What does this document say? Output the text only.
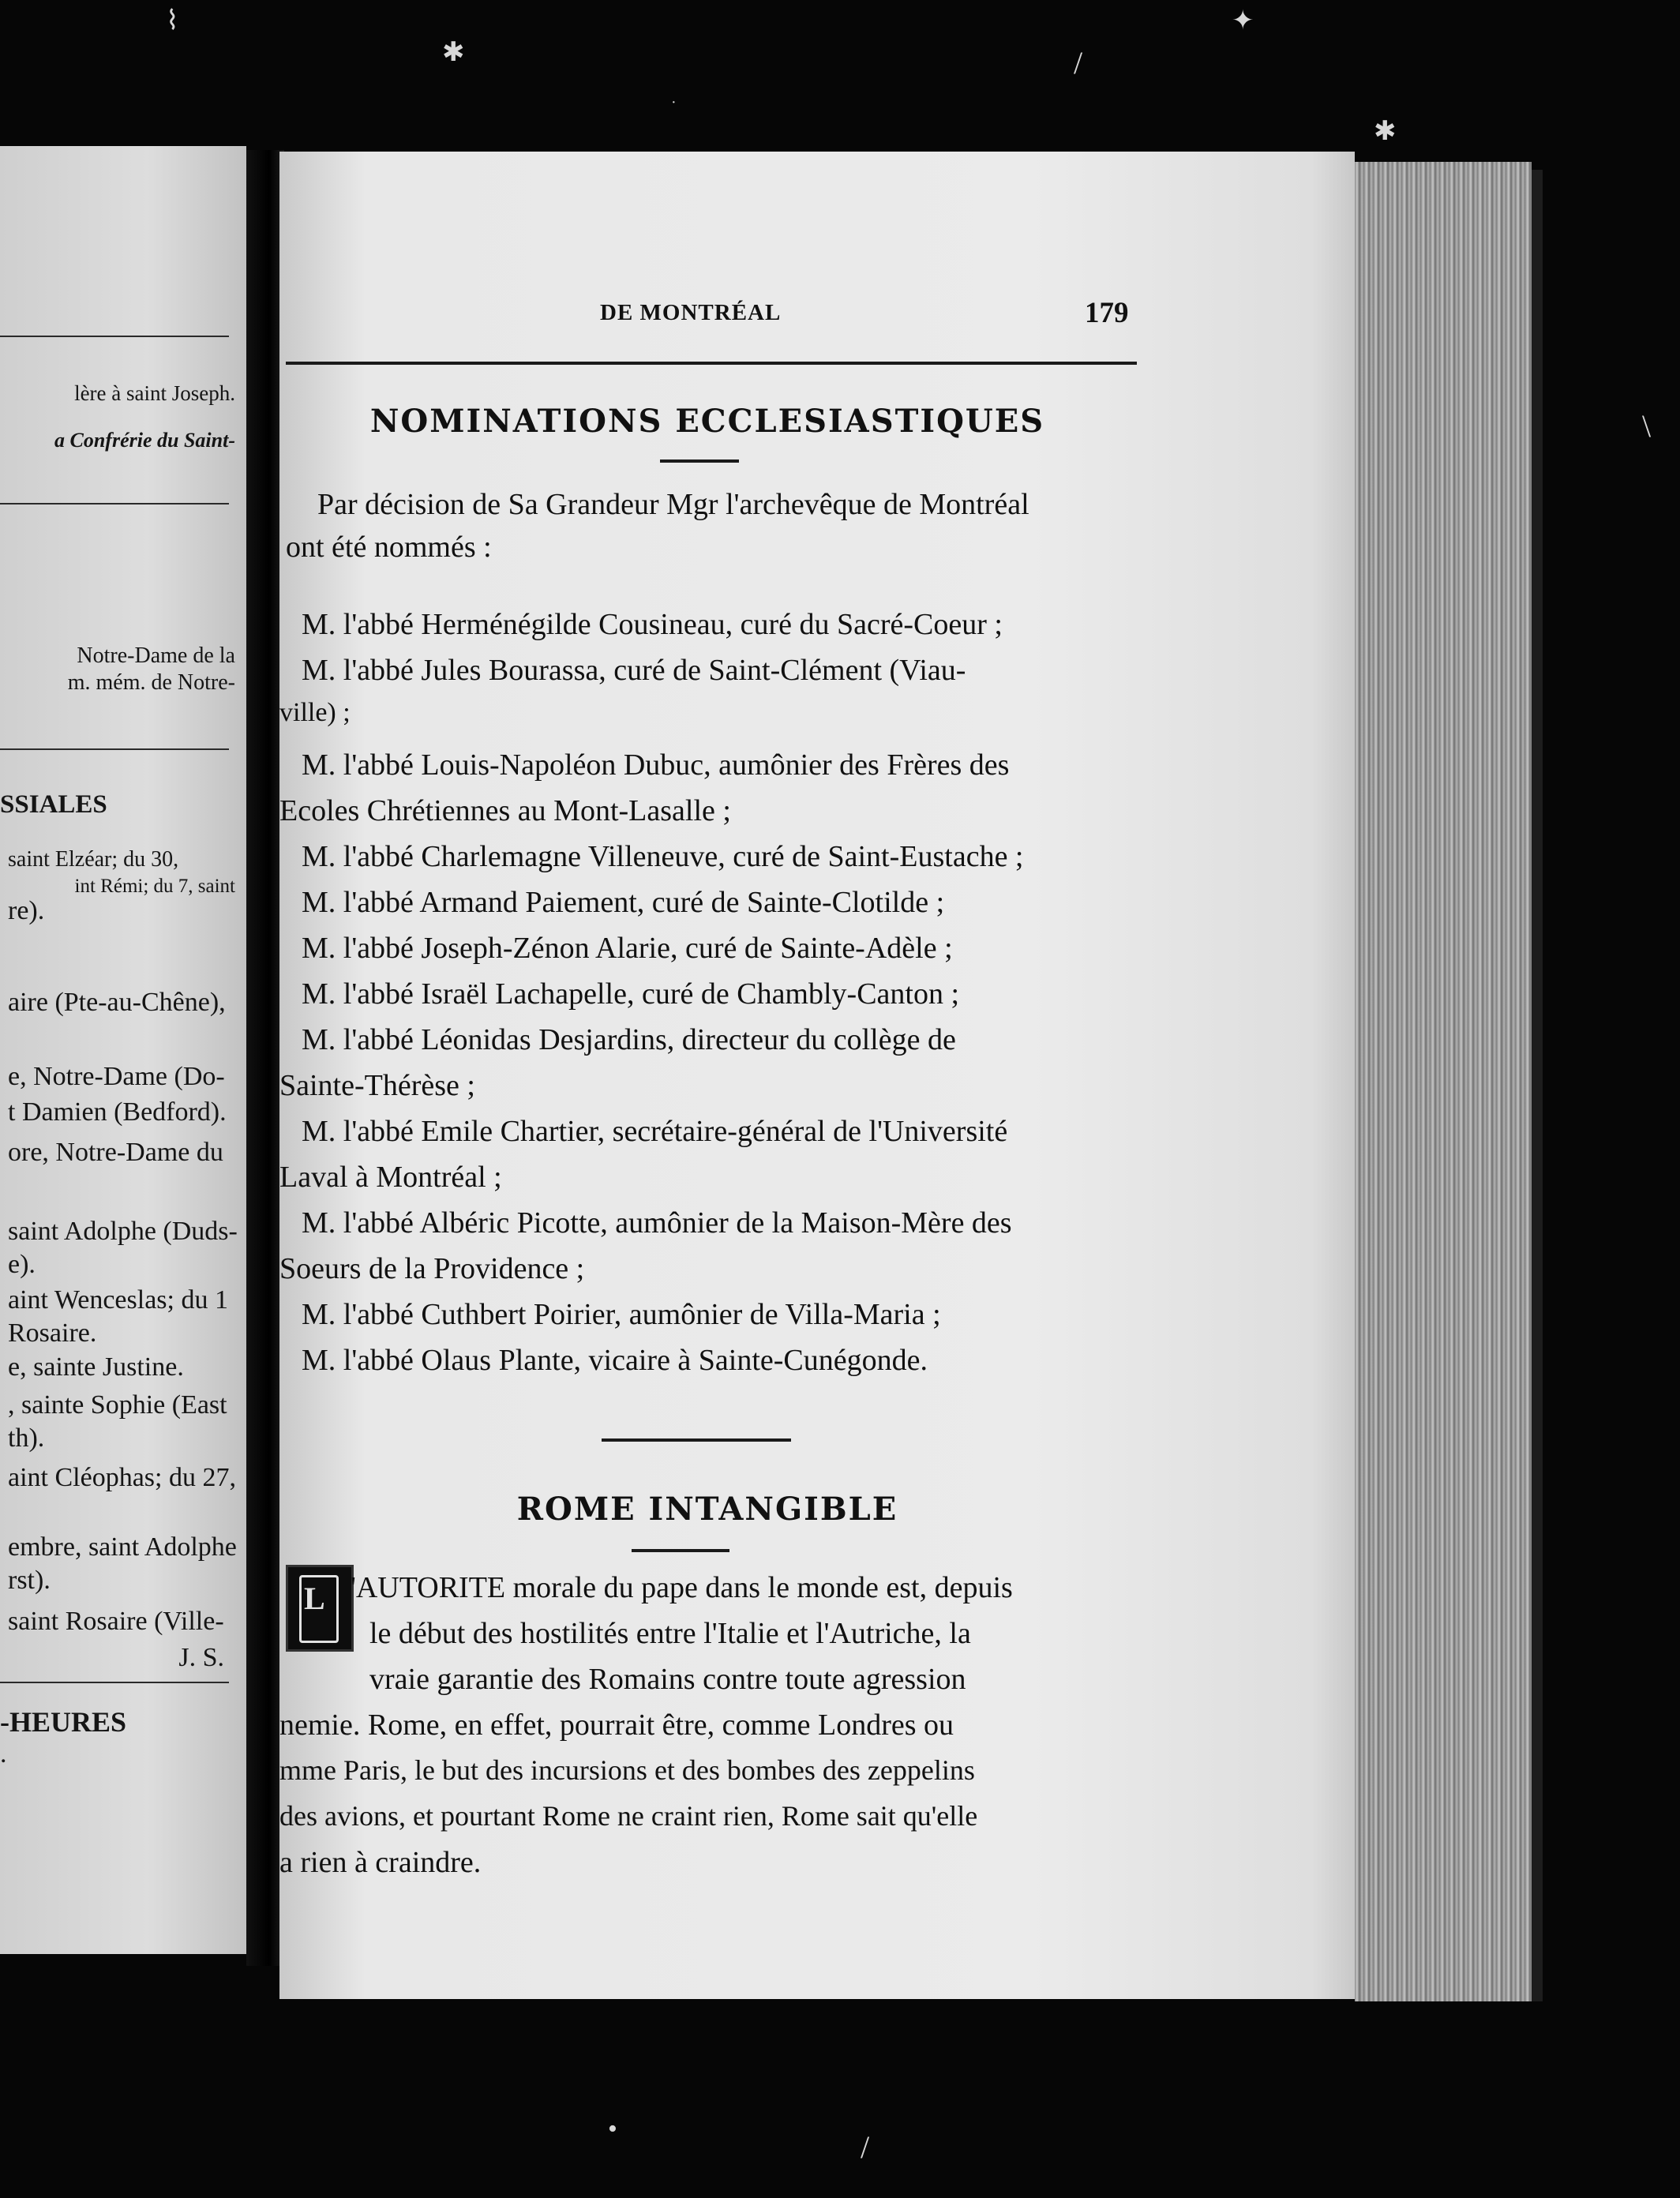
⌇
✱
·
✦
✱
/
\
/
•
lère à saint Joseph.
a Confrérie du Saint-
Notre-Dame de la
m. mém. de Notre-
SSIALES
saint Elzéar; du 30,
int Rémi; du 7, saint
re).
aire (Pte-au-Chêne),
e, Notre-Dame (Do-
t Damien (Bedford).
ore, Notre-Dame du
saint Adolphe (Duds-
e).
aint Wenceslas; du 1
Rosaire.
e, sainte Justine.
, sainte Sophie (East
th).
aint Cléophas; du 27,
embre, saint Adolphe
rst).
saint Rosaire (Ville-
J. S.
-HEURES
.
DE MONTRÉAL	179
NOMINATIONS ECCLESIASTIQUES
Par décision de Sa Grandeur Mgr l'archevêque de Montréal
ont été nommés :
M. l'abbé Herménégilde Cousineau, curé du Sacré-Coeur ;
M. l'abbé Jules Bourassa, curé de Saint-Clément (Viau-
ville) ;
M. l'abbé Louis-Napoléon Dubuc, aumônier des Frères des
Ecoles Chrétiennes au Mont-Lasalle ;
M. l'abbé Charlemagne Villeneuve, curé de Saint-Eustache ;
M. l'abbé Armand Paiement, curé de Sainte-Clotilde ;
M. l'abbé Joseph-Zénon Alarie, curé de Sainte-Adèle ;
M. l'abbé Israël Lachapelle, curé de Chambly-Canton ;
M. l'abbé Léonidas Desjardins, directeur du collège de
Sainte-Thérèse ;
M. l'abbé Emile Chartier, secrétaire-général de l'Université
Laval à Montréal ;
M. l'abbé Albéric Picotte, aumônier de la Maison-Mère des
Soeurs de la Providence ;
M. l'abbé Cuthbert Poirier, aumônier de Villa-Maria ;
M. l'abbé Olaus Plante, vicaire à Sainte-Cunégonde.
ROME INTANGIBLE
L 'AUTORITE morale du pape dans le monde est, depuis
le début des hostilités entre l'Italie et l'Autriche, la
vraie garantie des Romains contre toute agression
nemie. Rome, en effet, pourrait être, comme Londres ou
mme Paris, le but des incursions et des bombes des zeppelins
des avions, et pourtant Rome ne craint rien, Rome sait qu'elle
a rien à craindre.
